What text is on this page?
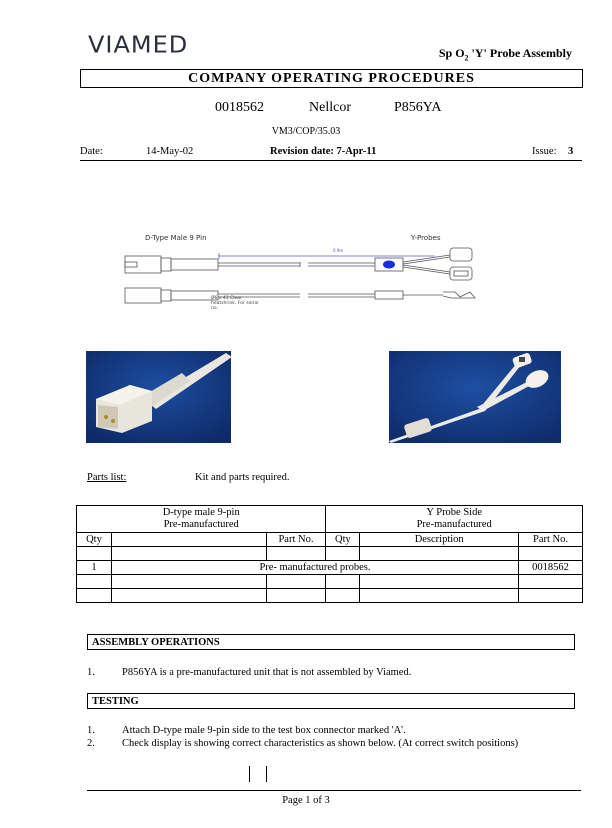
VIAMED	Sp $O_2$ 'Y' Probe Assembly
COMPANY OPERATING PROCEDURES
0018562	Nellcor	P856YA
VM3/COP/35.03
Date:	14-May-02	Revision date: 7-Apr-11	Issue: 3
D-Type Male 9 Pin	Y-Probes
0.9m
Ø6 x 43 Clear
heatshrink. For serial
no.
Parts list:	Kit and parts required.
D-type male 9-pin
Pre-manufactured

Y Probe Side
Pre-manufactured

Qty		Part No.	Qty	Description	Part No.

1	Pre- manufactured probes.				0018562

ASSEMBLY OPERATIONS
1.	P856YA is a pre-manufactured unit that is not assembled by Viamed.
TESTING
1.	Attach D-type male 9-pin side to the test box connector marked 'A'.
2.	Check display is showing correct characteristics as shown below. (At correct switch positions)
Page 1 of 3
